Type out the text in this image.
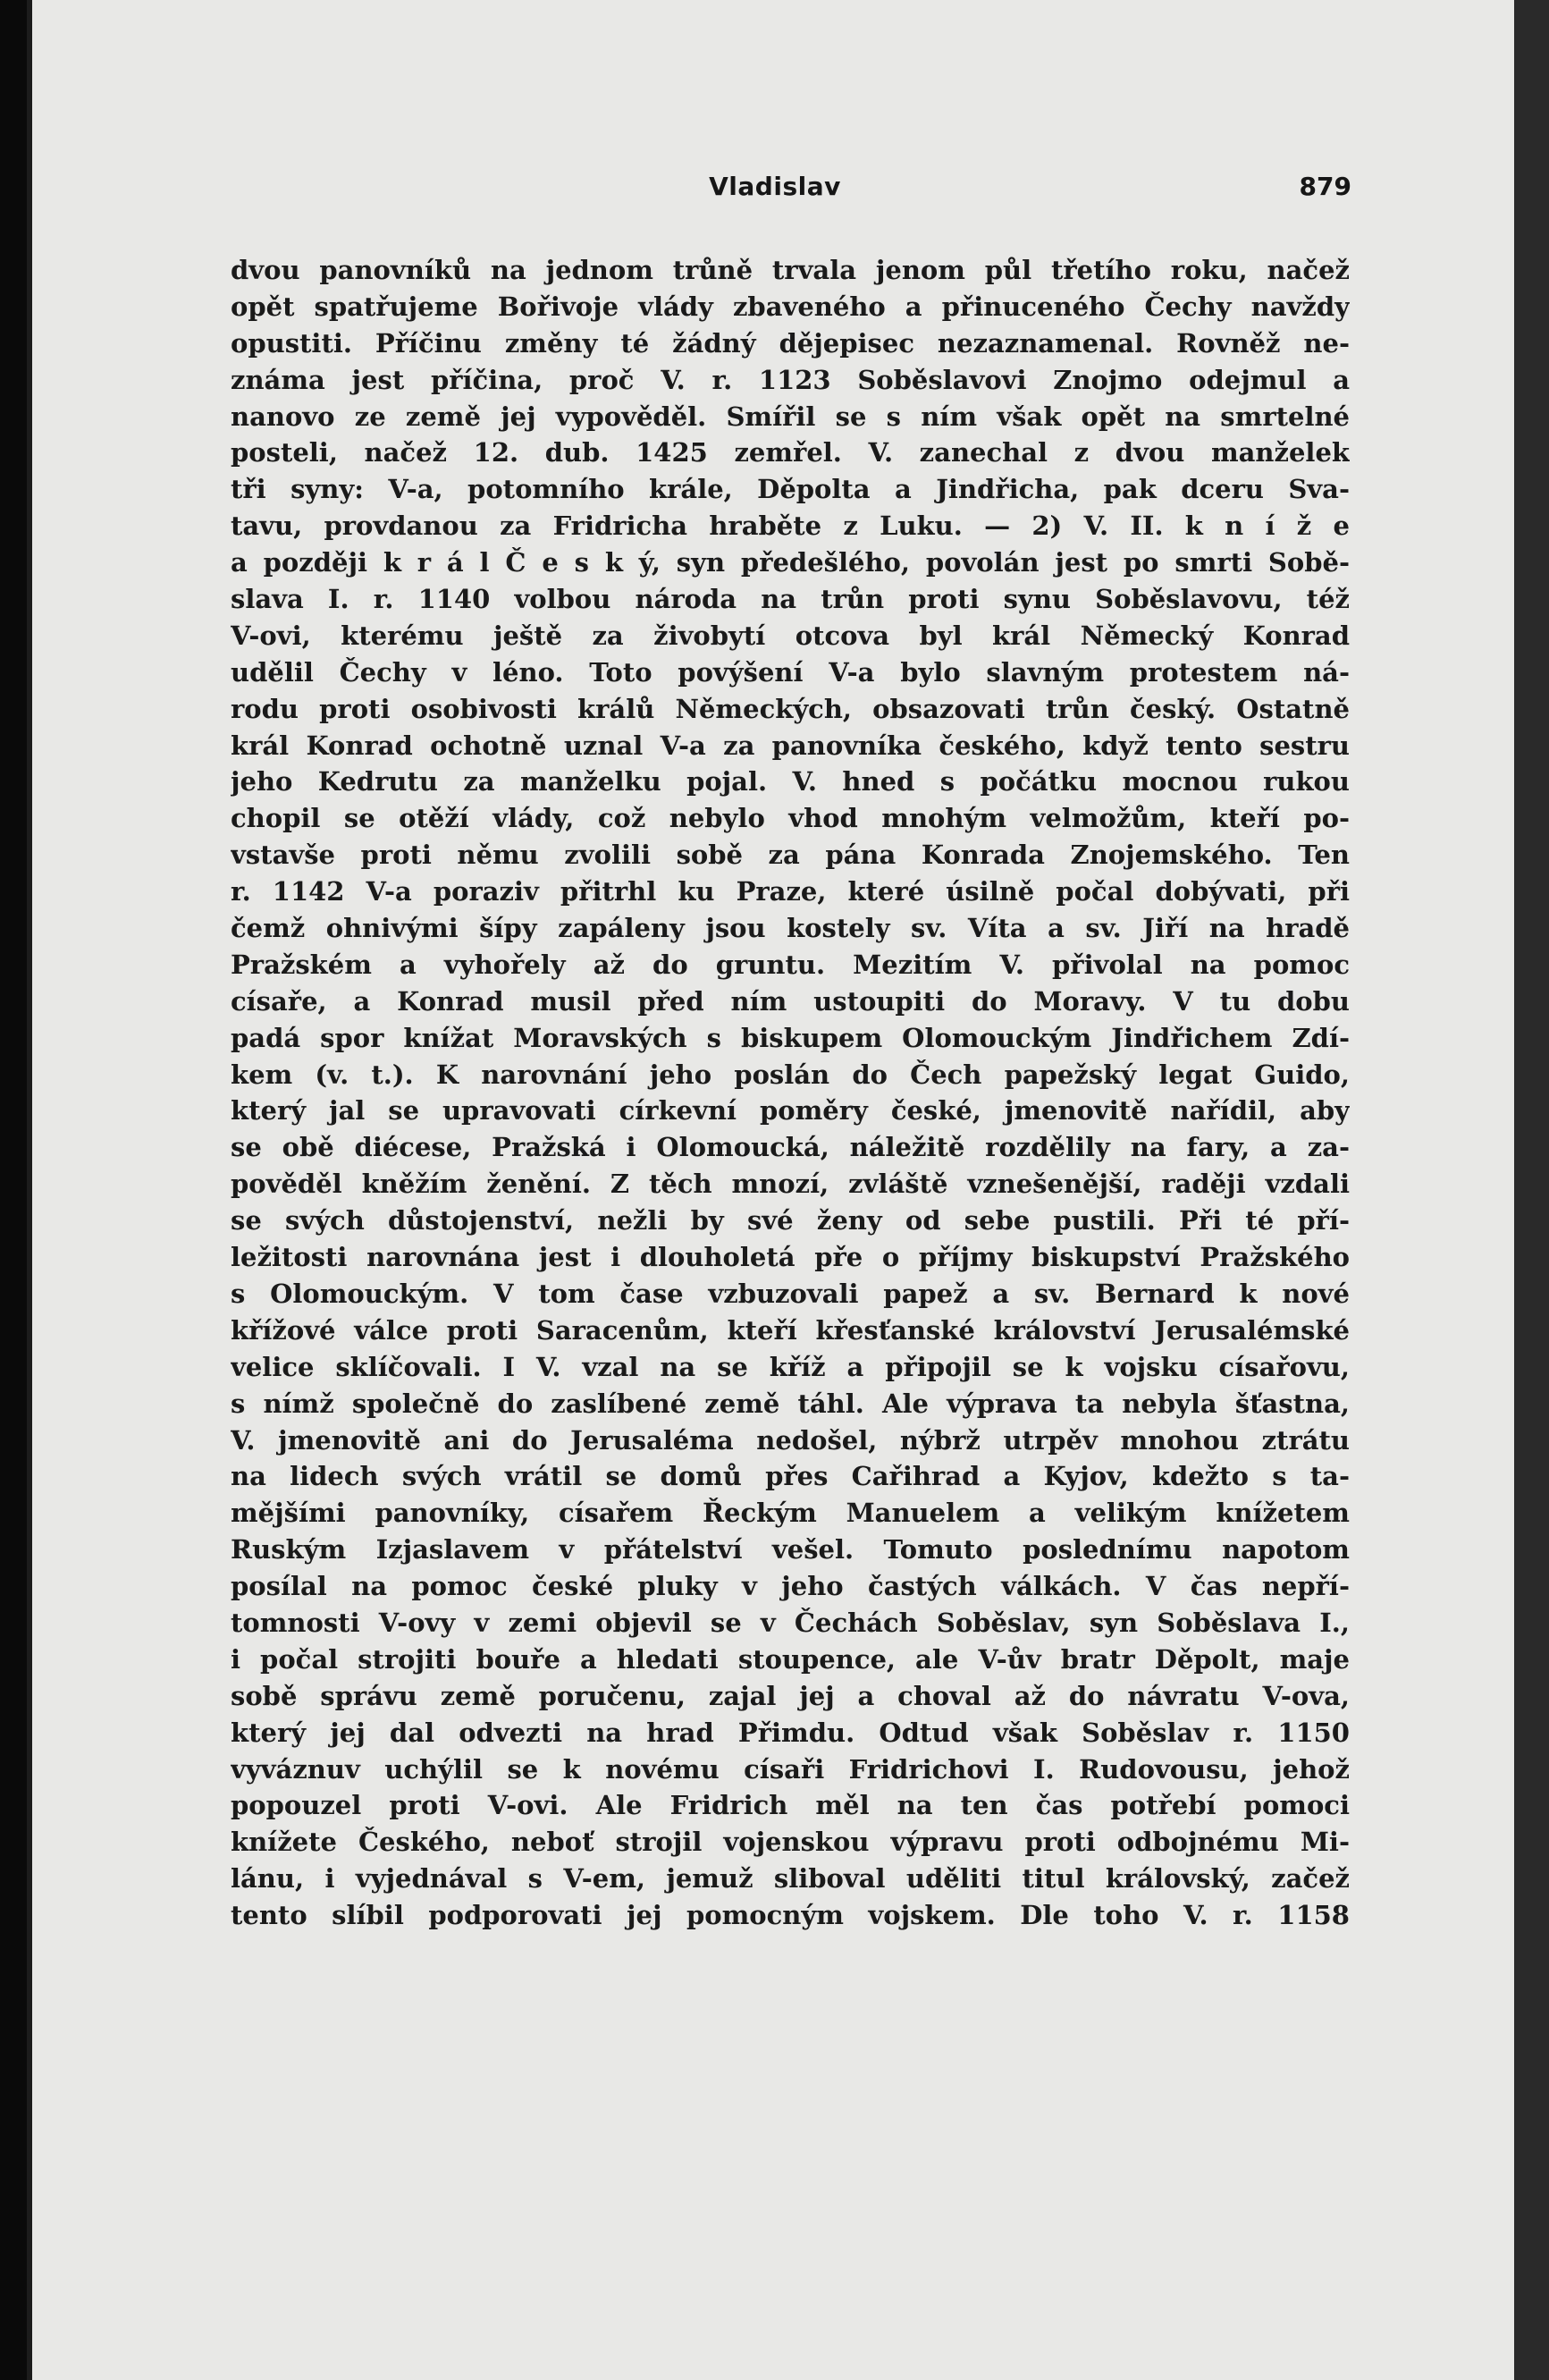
Vladislav	879
dvou panovníků na jednom trůně trvala jenom půl třetího roku, načež
opět spatřujeme Bořivoje vlády zbaveného a přinuceného Čechy navždy
opustiti. Příčinu změny té žádný dějepisec nezaznamenal. Rovněž ne-
známa jest příčina, proč V. r. 1123 Soběslavovi Znojmo odejmul a
nanovo ze země jej vypověděl. Smířil se s ním však opět na smrtelné
posteli, načež 12. dub. 1425 zemřel. V. zanechal z dvou manželek
tři syny: V-a, potomního krále, Děpolta a Jindřicha, pak dceru Sva-
tavu, provdanou za Fridricha hraběte z Luku. — 2) V. II. k n í ž e
a později k r á l Č e s k ý, syn předešlého, povolán jest po smrti Sobě-
slava I. r. 1140 volbou národa na trůn proti synu Soběslavovu, též
V-ovi, kterému ještě za živobytí otcova byl král Německý Konrad
udělil Čechy v léno. Toto povýšení V-a bylo slavným protestem ná-
rodu proti osobivosti králů Německých, obsazovati trůn český. Ostatně
král Konrad ochotně uznal V-a za panovníka českého, když tento sestru
jeho Kedrutu za manželku pojal. V. hned s počátku mocnou rukou
chopil se otěží vlády, což nebylo vhod mnohým velmožům, kteří po-
vstavše proti němu zvolili sobě za pána Konrada Znojemského. Ten
r. 1142 V-a poraziv přitrhl ku Praze, které úsilně počal dobývati, při
čemž ohnivými šípy zapáleny jsou kostely sv. Víta a sv. Jiří na hradě
Pražském a vyhořely až do gruntu. Mezitím V. přivolal na pomoc
císaře, a Konrad musil před ním ustoupiti do Moravy. V tu dobu
padá spor knížat Moravských s biskupem Olomouckým Jindřichem Zdí-
kem (v. t.). K narovnání jeho poslán do Čech papežský legat Guido,
který jal se upravovati církevní poměry české, jmenovitě nařídil, aby
se obě diécese, Pražská i Olomoucká, náležitě rozdělily na fary, a za-
pověděl kněžím ženění. Z těch mnozí, zvláště vznešenější, raději vzdali
se svých důstojenství, nežli by své ženy od sebe pustili. Při té pří-
ležitosti narovnána jest i dlouholetá pře o příjmy biskupství Pražského
s Olomouckým. V tom čase vzbuzovali papež a sv. Bernard k nové
křížové válce proti Saracenům, kteří křesťanské království Jerusalémské
velice sklíčovali. I V. vzal na se kříž a připojil se k vojsku císařovu,
s nímž společně do zaslíbené země táhl. Ale výprava ta nebyla šťastna,
V. jmenovitě ani do Jerusaléma nedošel, nýbrž utrpěv mnohou ztrátu
na lidech svých vrátil se domů přes Cařihrad a Kyjov, kdežto s ta-
mějšími panovníky, císařem Řeckým Manuelem a velikým knížetem
Ruským Izjaslavem v přátelství vešel. Tomuto poslednímu napotom
posílal na pomoc české pluky v jeho častých válkách. V čas nepří-
tomnosti V-ovy v zemi objevil se v Čechách Soběslav, syn Soběslava I.,
i počal strojiti bouře a hledati stoupence, ale V-ův bratr Děpolt, maje
sobě správu země poručenu, zajal jej a choval až do návratu V-ova,
který jej dal odvezti na hrad Přimdu. Odtud však Soběslav r. 1150
vyváznuv uchýlil se k novému císaři Fridrichovi I. Rudovousu, jehož
popouzel proti V-ovi. Ale Fridrich měl na ten čas potřebí pomoci
knížete Českého, neboť strojil vojenskou výpravu proti odbojnému Mi-
lánu, i vyjednával s V-em, jemuž sliboval uděliti titul královský, začež
tento slíbil podporovati jej pomocným vojskem. Dle toho V. r. 1158
